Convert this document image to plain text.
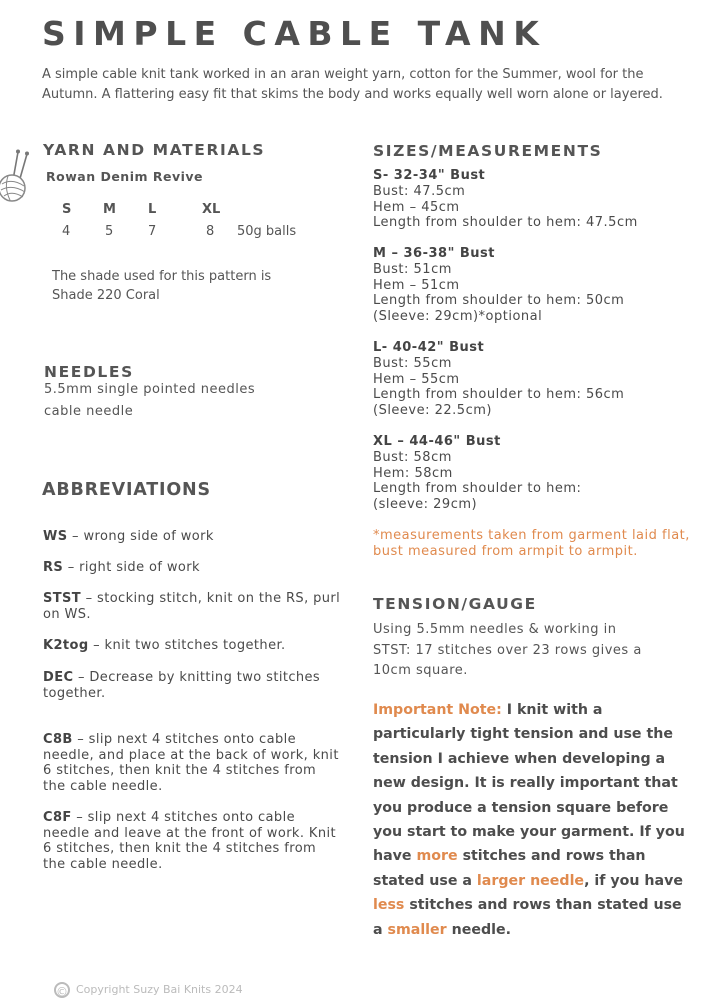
SIMPLE CABLE TANK
A simple cable knit tank worked in an aran weight yarn, cotton for the Summer, wool for the Autumn. A flattering easy fit that skims the body and works equally well worn alone or layered.
YARN AND MATERIALS
Rowan Denim Revive
S M L	XL
4	5	7	8 50g balls
The shade used for this pattern is
Shade 220 Coral
NEEDLES
5.5mm single pointed needles
cable needle
ABBREVIATIONS
WS – wrong side of work
RS – right side of work
STST – stocking stitch, knit on the RS, purl on WS.
K2tog – knit two stitches together.
DEC – Decrease by knitting two stitches together.
C8B – slip next 4 stitches onto cable needle, and place at the back of work, knit 6 stitches, then knit the 4 stitches from the cable needle.
C8F – slip next 4 stitches onto cable needle and leave at the front of work. Knit 6 stitches, then knit the 4 stitches from the cable needle.
SIZES/MEASUREMENTS
S- 32-34" Bust
Bust: 47.5cm
Hem – 45cm
Length from shoulder to hem: 47.5cm
M – 36-38" Bust
Bust: 51cm
Hem – 51cm
Length from shoulder to hem: 50cm
(Sleeve: 29cm)*optional
L- 40-42" Bust
Bust: 55cm
Hem – 55cm
Length from shoulder to hem: 56cm
(Sleeve: 22.5cm)
XL – 44-46" Bust
Bust: 58cm
Hem: 58cm
Length from shoulder to hem:
(sleeve: 29cm)
*measurements taken from garment laid flat, bust measured from armpit to armpit.
TENSION/GAUGE
Using 5.5mm needles & working in
STST: 17 stitches over 23 rows gives a
10cm square.
Important Note: I knit with a particularly tight tension and use the tension I achieve when developing a new design. It is really important that you produce a tension square before you start to make your garment. If you have more stitches and rows than stated use a larger needle, if you have less stitches and rows than stated use a smaller needle.
© Copyright Suzy Bai Knits 2024
